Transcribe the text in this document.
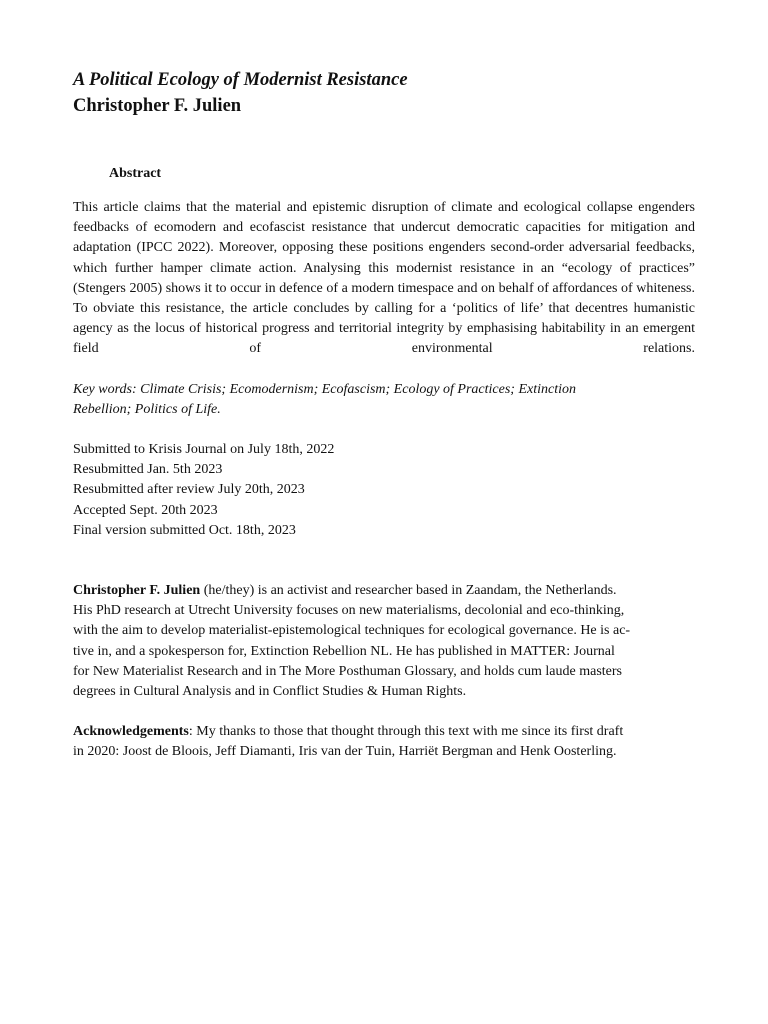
A Political Ecology of Modernist Resistance
Christopher F. Julien
Abstract

This article claims that the material and epistemic disruption of climate and ecological collapse engenders feedbacks of ecomodern and ecofascist resistance that undercut democratic capacities for mitigation and adaptation (IPCC 2022). Moreover, opposing these positions engenders second-order adversarial feedbacks, which further hamper climate action. Analysing this modernist resistance in an “ecology of practices” (Stengers 2005) shows it to occur in defence of a modern timespace and on behalf of affordances of whiteness. To obviate this resistance, the article concludes by calling for a ‘politics of life’ that decentres humanistic agency as the locus of historical progress and territorial integrity by emphasising habitability in an emergent field of environmental relations.

Key words: Climate Crisis; Ecomodernism; Ecofascism; Ecology of Practices; Extinction
Rebellion; Politics of Life.

Submitted to Krisis Journal on July 18th, 2022
Resubmitted Jan. 5th 2023
Resubmitted after review July 20th, 2023
Accepted Sept. 20th 2023
Final version submitted Oct. 18th, 2023

Christopher F. Julien (he/they) is an activist and researcher based in Zaandam, the Netherlands.
His PhD research at Utrecht University focuses on new materialisms, decolonial and eco-thinking,
with the aim to develop materialist-epistemological techniques for ecological governance. He is ac-
tive in, and a spokesperson for, Extinction Rebellion NL. He has published in MATTER: Journal
for New Materialist Research and in The More Posthuman Glossary, and holds cum laude masters
degrees in Cultural Analysis and in Conflict Studies & Human Rights.

Acknowledgements: My thanks to those that thought through this text with me since its first draft
in 2020: Joost de Bloois, Jeff Diamanti, Iris van der Tuin, Harriët Bergman and Henk Oosterling.
